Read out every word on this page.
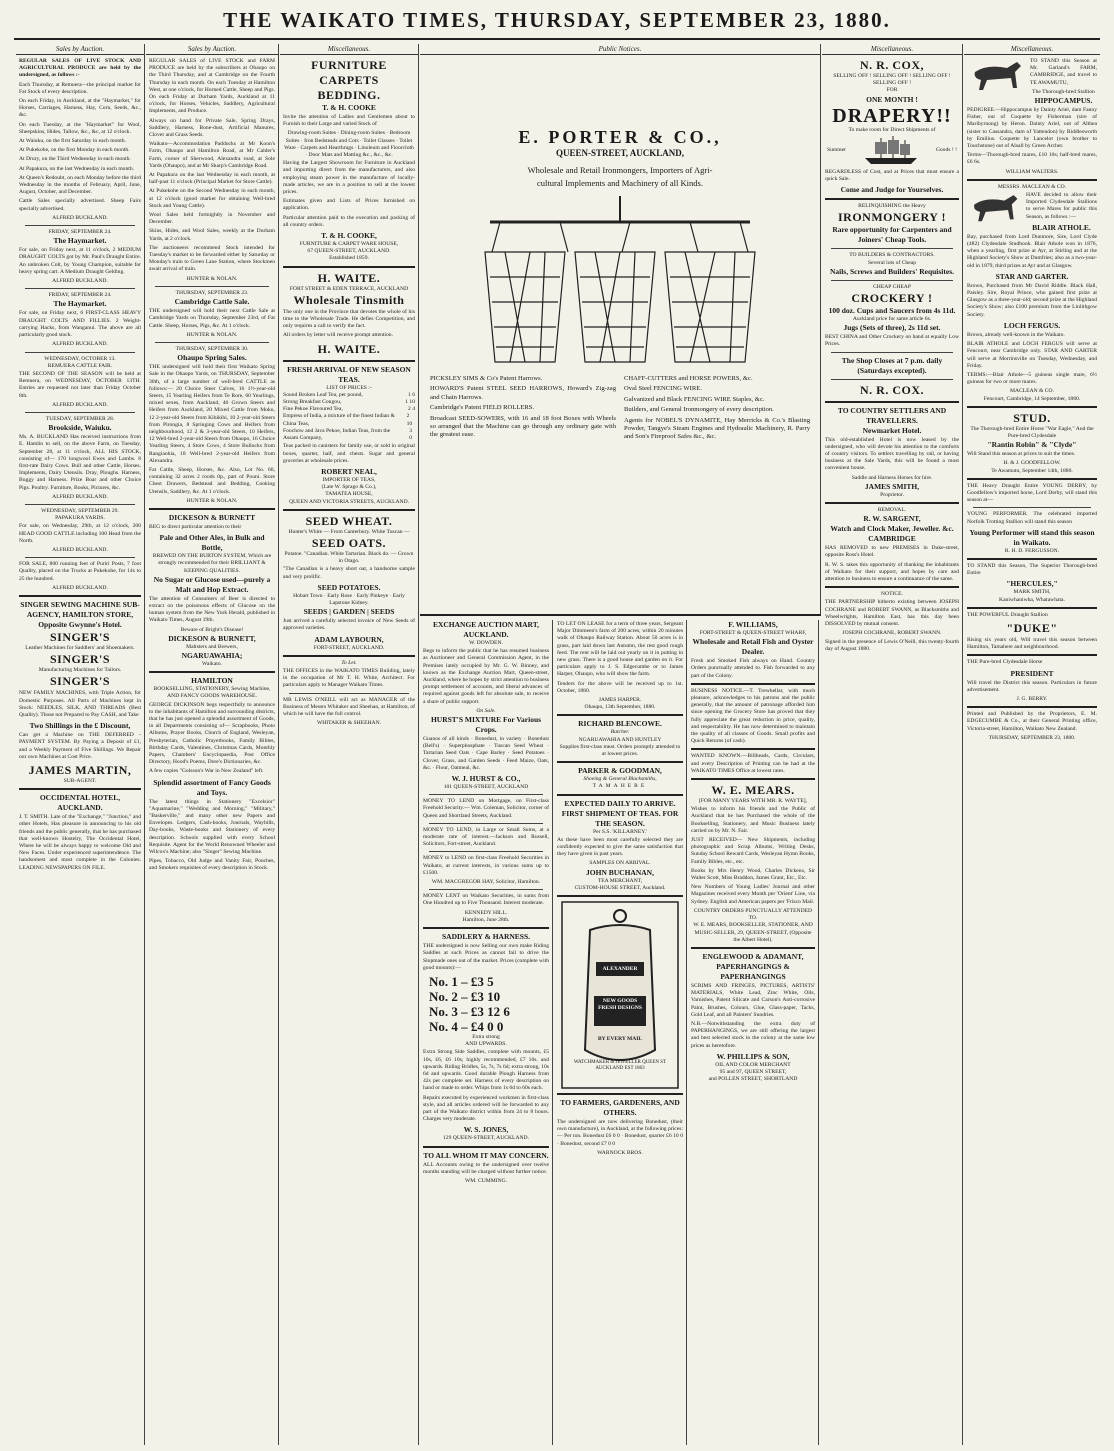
THE WAIKATO TIMES, THURSDAY, SEPTEMBER 23, 1880.
Sales by Auction.
REGULAR SALES OF LIVE STOCK AND AGRICULTURAL PRODUCE are held by the undersigned, as follows :-
Each Thursday, at Remuera—the principal market for Fat Stock of every description.
On each Friday, in Auckland, at the "Haymarket," for Horses, Carriages, Harness, Hay, Corn, Seeds, &c., &c.
On each Tuesday, at the "Haymarket" for Wool, Sheepskins, Hides, Tallow, &c., &c, at 12 o'clock.
At Waiuku, on the first Saturday in each month.
At Pukekohe, on the first Monday in each month.
At Drury, on the Third Wednesday in each month.
At Papakura, on the last Wednesday in each month.
At Queen's Redoubt, on each Monday before the third Wednesday in the months of February, April, June, August, October, and December.
Cattle Sales specially advertised. Sheep Fairs specially advertised.
ALFRED BUCKLAND.
FRIDAY, SEPTEMBER 24.
The Haymarket.
For sale, on Friday next, at 11 o'clock, 2 MEDIUM DRAUGHT COLTS got by Mr. Paul's Draught Entire. An unbroken Colt, by Young Champion, suitable for heavy spring cart. A Medium Draught Gelding.
ALFRED BUCKLAND.
FRIDAY, SEPTEMBER 24.
The Haymarket.
For sale, on Friday next, 6 FIRST-CLASS HEAVY DRAUGHT COLTS AND FILLIES. 2 Weight-carrying Hacks, from Wanganui. The above are all particularly good stock.
ALFRED BUCKLAND.
WEDNESDAY, OCTOBER 13.
REMUERA CATTLE FAIR.
THE SECOND OF THE SEASON will be held at Remuera, on WEDNESDAY, OCTOBER 13TH. Entries are requested not later than Friday October 8th.
ALFRED BUCKLAND.
TUESDAY, SEPTEMBER 28.
Brookside, Waiuku.
Ms. A. BUCKLAND Has received instructions from E. Hamlin to sell, on the above Farm, on Tuesday, September 28, at 11 o'clock, ALL HIS STOCK, consisting of— 170 longwool Ewes and Lambs. 8 first-rate Dairy Cows. Bull and other Cattle, Horses. Implements, Dairy Utensils. Dray, Ploughs. Harness, Buggy and Harness. Prize Boar and other Choice Pigs. Poultry. Furniture, Books, Pictures, &c.
ALFRED BUCKLAND.
WEDNESDAY, SEPTEMBER 29.
PAPAKURA YARDS.
For sale, on Wednesday, 29th, at 12 o'clock, 200 HEAD GOOD CATTLE including 100 Head from the North.
ALFRED BUCKLAND.
FOR SALE, 800 running feet of Puriri Posts, 7 foot Quality, placed on the Trucks at Pukekohe, for 14s to 25 the hundred.
ALFRED BUCKLAND.
SINGER SEWING MACHINE SUB-AGENCY, HAMILTON STORE, Opposite Gwynne's Hotel.
SINGER'S
Leather Machines for Saddlers' and Shoemakers.
SINGER'S
Manufacturing Machines for Tailors.
SINGER'S
NEW FAMILY MACHINES, with Triple Action, for Domestic Purposes. All Parts of Machines kept in Stock: NEEDLES, SILK, AND THREADS (Best Quality). Those not Prepared to Pay CASH, and Take
Two Shillings in the £ Discount,
Can get a Machine on THE DEFERRED - PAYMENT SYSTEM. By Paying a Deposit of £1, and a Weekly Payment of Five Shillings. We Repair our own Machines at Cost Price.
JAMES MARTIN,
SUB-AGENT.
OCCIDENTAL HOTEL, AUCKLAND.
J. T. SMITH. Late of the "Exchange," "Junction," and other Hotels, Has pleasure in announcing to his old friends and the public generally, that he has purchased that well-known Hostelry, The Occidental Hotel, Where he will be always happy to welcome Old and New Faces. Under experienced superintendence. The handsomest and most complete in the Colonies. LEADING NEWSPAPERS ON FILE.
Sales by Auction.
REGULAR SALES of LIVE STOCK and FARM PRODUCE are held by the subscribers at Ohaupo on the Third Thursday, and at Cambridge on the Fourth Thursday in each month. On each Tuesday at Hamilton West, at one o'clock, for Horned Cattle, Sheep and Pigs. On each Friday at Durham Yards, Auckland at 11 o'clock, for Horses, Vehicles, Saddlery, Agricultural Implements, and Produce.
Always on hand for Private Sale, Spring Drays, Saddlery, Harness, Bone-dust, Artificial Manures, Clover and Grass Seeds.
Waikato—Accommodation Paddocks at Mr Koon's Farm, Ohaupo and Hamilton Road, at Mr Calder's Farm, corner of Sherwood, Alexandra road, at Sole Yards (Ohaupo), and at Mr Sharp's Cambridge Road.
At Papakura on the last Wednesday in each month, at half-past 11 o'clock (Principal Market for Store Cattle).
At Pukekohe on the Second Wednesday in each month, at 12 o'clock (good market for obtaining Well-bred Stock and Young Cattle).
Wool Sales held fortnightly in November and December.
Skins, Hides, and Wool Sales, weekly at the Durham Yards, at 2 o'clock.
The auctioneers recommend Stock intended for Tuesday's market to be forwarded either by Saturday or Monday's train to Green Lane Station, where Stockmen await arrival of train.
HUNTER & NOLAN.
THURSDAY, SEPTEMBER 23.
Cambridge Cattle Sale.
THE undersigned will hold their next Cattle Sale at Cambridge Yards on Thursday, September 23rd, of Fat Cattle. Sheep, Horses, Pigs, &c. At 1 o'clock.
HUNTER & NOLAN.
THURSDAY, SEPTEMBER 30.
Ohaupo Spring Sales.
THE undersigned will hold their first Waikato Spring Sale in the Ohaupo Yards, on THURSDAY, September 30th, of a large number of well-bred CATTLE as follows:— 20 Choice Steer Calves, 16 1½-year-old Steers, 15 Yearling Heifers from Te Rore, 60 Yearlings, mixed sexes, from Auckland, 40 Grown Steers and Heifers from Auckland, 20 Mixed Cattle from Moku, 12 2-year-old Steers from Kihikihi, 10 2-year-old Steers from Pirongia, 8 Springing Cows and Heifers from neighbourhood, 12 2 & 3-year-old Steers, 10 Heifers, 12 Well-bred 2-year-old Steers from Ohaupo, 16 Choice Yearling Steers, 4 Store Cows, 4 Store Bullocks from Rangiaohia, 18 Well-bred 2-year-old Heifers from Alexandra.
Fat Cattle, Sheep, Horses, &c. Also, Lot No. 60, containing 32 acres 2 roods 0p., part of Pouni. Store Chest Drawers, Bedstead and Bedding, Cooking Utensils, Saddlery, &c. At 1 o'clock.
HUNTER & NOLAN.
DICKESON & BURNETT
BEG to direct particular attention to their
Pale and Other Ales, in Bulk and Bottle,
BREWED ON THE BURTON SYSTEM, Which are strongly recommended for their BRILLIANT & KEEPING QUALITIES.
No Sugar or Glucose used—purely a Malt and Hop Extract.
The attention of Consumers of Beer is directed to extract on the poisonous effects of Glucose on the human system from the New York Herald, published in Waikato Times, August 19th.
Beware of Bright's Disease!
DICKESON & BURNETT,
Maltsters and Brewers,
NGARUAWAHIA;
Waikato.
HAMILTON
BOOKSELLING, STATIONERY, Sewing Machine, AND FANCY GOODS WAREHOUSE.
GEORGE DICKINSON begs respectfully to announce to the inhabitants of Hamilton and surrounding districts, that he has just opened a splendid assortment of Goods, in all Departments consisting of— Scrapbooks, Photo Albums, Prayer Books, Church of England, Wesleyan, Presbyterian, Catholic Prayerbooks, Family Bibles, Birthday Cards, Valentines, Christmas Cards, Monthly Papers, Chambers' Encyclopaedia, Post Office Directory, Hood's Poems, Dore's Dictionaries, &c.
A few copies "Golsson's War in New Zealand" left.
Splendid assortment of Fancy Goods and Toys.
The latest things in Stationery "Excelsior" "Aquamarine," "Wedding and Morning," "Military," "Baskerville," and many other new Papers and Envelopes. Ledgers, Cash-books, Journals, Waybills, Day-books, Waste-books and Stationery of every description. Schools supplied with every School Requisite. Agent for the World Renowned Wheeler and Wilcox's Machine; also "Singer" Sewing Machine.
Pipes, Tobacco, Old Judge and Vanity Fair, Pouches, and Smokers requisites of every description in Stock.
Miscellaneous.
FURNITURE
CARPETS
BEDDING.
T. & H. COOKE
Invite the attention of Ladies and Gentlemen about to Furnish to their Large and varied Stock of
Drawing-room Suites · Dining-room Suites · Bedroom Suites · Iron Bedsteads and Cots · Toilet Glasses · Toilet Ware · Carpets and Hearthrugs · Linoleum and Floorcloth · Door Mats and Matting &c., &c., &c.
Having the Largest Showroom for Furniture in Auckland and importing direct from the manufacturers, and also employing steam power in the manufacture of locally-made articles, we are in a position to sell at the lowest prices.
Estimates given and Lists of Prices furnished on application.
Particular attention paid to the execution and packing of all country orders.
T. & H. COOKE,
FURNITURE & CARPET WARE HOUSE,
67 QUEEN-STREET, AUCKLAND.
Established 1859.
H. WAITE.
FORT STREET & EDEN TERRACE, AUCKLAND
Wholesale Tinsmith
The only one in the Province that devotes the whole of his time to the Wholesale Trade. He defies Competition, and only requires a call to verify the fact.
All orders by letter will receive prompt attention.
H. WAITE.
FRESH ARRIVAL OF NEW SEASON TEAS.
LIST OF PRICES :-
Sound Broken Leaf Tea, per pound,	1 6
Strong Breakfast Congou,	1 10
Fine Pekoe Flavoured Tea,	2 4
Empress of India, a mixture of the finest Indian & China Teas,
2 10
Foochow and Java Pekoe, Indian Teas, from the Assam Company,
3 0
Teas packed in canisters for family use, or sold in original boxes, quarter, half, and chests. Sugar and general groceries at wholesale prices.
ROBERT NEAL,
IMPORTER OF TEAS,
(Late W. Sprago & Co.),
TAMATEA HOUSE,
QUEEN AND VICTORIA STREETS, AUCKLAND.
SEED WHEAT.
Hunter's White — From Canterbury. White Tuscan —
SEED OATS.
Potatoe. "Canadian. White Tartarian. Black do. — Grown in Otago.
"The Canadian is a heavy short oat, a handsome sample and very prolific.
SEED POTATOES.
Hobart Town · Early Rose · Early Pinkeye · Early Lapstone Kidney.
SEEDS | GARDEN | SEEDS
Just arrived a carefully selected invoice of New Seeds of approved varieties.
ADAM LAYBOURN,
FORT-STREET, AUCKLAND.
To Let.
THE OFFICES in the WAIKATO TIMES Building, lately in the occupation of Mr T. H. White, Architect. For particulars apply to Manager Waikato Times.
MR LEWIS O'NEILL will act as MANAGER of the Business of Messrs Whitaker and Sheehan, at Hamilton, of which he will have the full control.
WHITAKER & SHEEHAN.
Public Notices.
E. PORTER & CO.,
QUEEN-STREET, AUCKLAND,
Wholesale and Retail Ironmongers, Importers of Agri-
cultural Implements and Machinery of all Kinds.
PICKSLEY SIMS & Co's Patent Harrows.
HOWARD'S Patent STEEL SEED HARROWS, Howard's Zig-zag and Chain Harrows.
Cambridge's Patent FIELD ROLLERS.
Broadcast SEED-SOWERS, with 16 and 18 foot Boxes with Wheels so arranged that the Machine can go through any ordinary gate with the greatest ease.
CHAFF-CUTTERS and HORSE POWERS, &c.
Oval Steel FENCING WIRE.
Galvanized and Black FENCING WIRE Staples, &c.
Builders, and General Ironmongery of every description.
Agents for NOBEL'S DYNAMITE, Hay Merricks & Co.'s Blasting Powder, Tangye's Steam Engines and Hydraulic Machinery, R. Parry and Son's Fireproof Safes &c., &c.
EXCHANGE AUCTION MART, AUCKLAND.
W. DOWDEN.
Begs to inform the public that he has resumed business as Auctioneer and General Commission Agent, in the Premises lately occupied by Mr. G. W. Binney, and known as the Exchange Auction Mart, Queen-street, Auckland, where he hopes by strict attention to business prompt settlement of accounts, and liberal advances of required against goods left for absolute sale, to receive a share of public support.
On Sale.
HURST'S MIXTURE For Various Crops.
Guanos of all kinds · Bonedust, in variety · Bonedust (Bell's) · Superphosphate · Tuscan Seed Wheat · Tartarian Seed Oats · Cape Barley · Seed Potatoes · Clover, Grass, and Garden Seeds · Feed Maize, Oats, &c. · Flour, Oatmeal, &c.
W. J. HURST & CO.,
101 QUEEN-STREET, AUCKLAND
MONEY TO LEND on Mortgage, on First-class Freehold Security.— Wm. Coleman, Solicitor, corner of Queen and Shortland Streets, Auckland.
MONEY TO LEND, in Large or Small Sums, at a moderate rate of interest.—Jackson and Russell, Solicitors, Fort-street, Auckland.
MONEY to LEND on first-class Freehold Securities in Waikato, at current interests, in various sums up to £1500.
WM. MACGREGOR HAY, Solicitor, Hamilton.
MONEY LENT on Waikato Securities, in sums from One Hundred up to Five Thousand. Interest moderate.
KENNEDY HILL.
Hamilton, June 28th.
SADDLERY & HARNESS.
THE undersigned is now Selling our own make Riding Saddles at such Prices as cannot fail to drive the Slopmade ones out of the market. Prices (complete with good mounts):—
No. 1 – £3 5
No. 2 – £3 10
No. 3 – £3 12 6
No. 4 – £4 0 0
Extra strong
AND UPWARDS.
Extra Strong Side Saddles, complete with mounts, £5 10s, £6, £6 10s; highly recommended, £7 10s. and upwards. Riding Bridles, 5s, 7s, 7s 6d; extra strong, 10s 6d and upwards. Good durable Plough Harness from 42s per complete set. Harness of every description on hand or made to order. Whips from 1s 6d to 60s each.
Repairs executed by experienced workmen in first-class style, and all articles ordered will be forwarded to any part of the Waikato district within from 24 to 8 hours. Charges very moderate.
W. S. JONES,
129 QUEEN-STREET, AUCKLAND.
TO ALL WHOM IT MAY CONCERN.
ALL Accounts owing to the undersigned over twelve months standing will be charged without further notice.
WM. CUMMING.
TO LET ON LEASE for a term of three years, Sergeant Major Dimmeen's farm of 200 acres, within 20 minutes walk of Ohaupo Railway Station. About 50 acres is in grass, part laid down last Autumn, the rest good rough feed. The rent will be laid out yearly on it in putting in new grass. There is a good house and garden on it. For particulars apply to J. S. Edgecumbe or to James Harper, Ohaupo, who will show the farm.
Tenders for the above will be received up to 1st. October, 1880.
JAMES HARPER.
Ohaupo, 13th September, 1880.
RICHARD BLENCOWE.
Butcher.
NGARUAWAHIA AND HUNTLEY
Supplies first-class meat. Orders promptly attended to at lowest prices.
PARKER & GOODMAN,
Shoeing & General Blacksmiths,
TAMAHERE
EXPECTED DAILY TO ARRIVE.
FIRST SHIPMENT OF TEAS. FOR THE SEASON.
Per S.S. 'KILLARNEY.'
As these have been most carefully selected they are confidently expected to give the same satisfaction that they have given in past years.
SAMPLES ON ARRIVAL.
JOHN BUCHANAN,
TEA MERCHANT,
CUSTOM-HOUSE STREET, Auckland.
ALEXANDER
NEW GOODS FRESH DESIGNS
BY EVERY MAIL
WATCHMAKER & JEWELLER QUEEN ST AUCKLAND EST 1863
TO FARMERS, GARDENERS, AND OTHERS.
The undersigned are now delivering Bonedust, (their own manufacture), in Auckland, at the following prices:— Per ton. Bonedust £6 0 0 · Bonedust, quarter £6 10 0 · Bonedust, second £7 0 0
WARNOCK BROS.
F. WILLIAMS,
FORT-STREET & QUEEN-STREET WHARF,
Wholesale and Retail Fish and Oyster Dealer.
Fresh and Smoked Fish always on Hand. Country Orders punctually attended to. Fish forwarded to any part of the Colony.
BUSINESS NOTICE.—T. Trewhellar, with much pleasure, acknowledges to his patrons and the public generally, that the amount of patronage afforded him since opening the Grocery Store has proved that they fully appreciate the great reduction in price, quality, and respectability. He has now determined to maintain the quality of all classes of Goods. Small profits and Quick Returns (of cash).
WANTED KNOWN.—Billheads, Cards, Circulars, and every Description of Printing can be had at the WAIKATO TIMES Office at lowest rates.
W. E. MEARS.
[FOR MANY YEARS WITH MR. R. WAYTE],
Wishes to inform his friends and the Public of Auckland that he has Purchased the whole of the Bookselling, Stationery, and Music Business lately carried on by Mr. N. Fair.
JUST RECEIVED— New Shipments, including photographic and Scrap Albums, Writing Desks, Sunday School Reward Cards, Wesleyan Hymn Books, Family Bibles, etc., etc.
Books by Mrs Henry Wood, Charles Dickens, Sir Walter Scott, Miss Braddon, James Grant, Etc., Etc.
New Numbers of Young Ladies' Journal and other Magazines received every Month per 'Orient' Line, via Sydney. English and American papers per 'Frisco Mail.
COUNTRY ORDERS PUNCTUALLY ATTENDED TO.
W. E. MEARS, BOOKSELLER, STATIONER, AND MUSIC-SELLER, 29, QUEEN-STREET, (Opposite the Albert Hotel).
ENGLEWOOD & ADAMANT, PAPERHANGINGS & PAPERHANGINGS
SCRIMS AND FRINGES, PICTURES, ARTISTS' MATERIALS, White Lead, Zinc White, Oils, Varnishes, Patent Silicate and Carson's Anti-corrosive Paint, Brushes, Colours, Glue, Glass-paper, Tacks, Gold Leaf, and all Painters' Sundries.
N.B.—Notwithstanding the extra duty of PAPERHANGINGS, we are still offering the largest and best selected stock in the colony at the same low prices as heretofore.
W. PHILLIPS & SON,
OIL AND COLOR MERCHANT
95 and 97, QUEEN STREET,
and POLLEN STREET, SHORTLAND
Miscellaneous.
N. R. COX,
SELLING OFF ! SELLING OFF ! SELLING OFF ! SELLING OFF !
FOR
ONE MONTH !
DRAPERY!!
To make room for Direct Shipments of
Summer	Goods ! !
REGARDLESS of Cost, and at Prices that must ensure a quick Sale.
Come and Judge for Yourselves.
RELINQUISHING the Heavy
IRONMONGERY !
Rare opportunity for Carpenters and Joiners' Cheap Tools.
TO BUILDERS & CONTRACTORS.
Several lots of Cheap
Nails, Screws and Builders' Requisites.
CHEAP CHEAP
CROCKERY !
100 doz. Cups and Saucers from 4s 11d.
Auckland price for same article 6s.
Jugs (Sets of three), 2s 11d set.
BEST CHINA and Other Crockery on hand at equally Low Prices.
The Shop Closes at 7 p.m. daily (Saturdays excepted).
N. R. COX.
TO COUNTRY SETTLERS AND TRAVELLERS.
Newmarket Hotel.
This old-established Hotel is now leased by the undersigned, who will devote his attention to the comforts of country visitors. To settlers travelling by rail, or having business at the Sale Yards, this will be found a most convenient house.
Saddle and Harness Horses for hire.
JAMES SMITH,
Proprietor.
REMOVAL.
R. W. SARGENT,
Watch and Clock Maker, Jeweller. &c. CAMBRIDGE
HAS REMOVED to new PREMISES in Duke-street, opposite Ross's Hotel.
R. W. S. takes this opportunity of thanking the inhabitants of Waikato for their support, and hopes by care and attention to business to ensure a continuance of the same.
NOTICE.
THE PARTNERSHIP hitherto existing between JOSEPH COCHRANE and ROBERT SWANN, as Blacksmiths and Wheelwrights, Hamilton East, has this day been DISSOLVED by mutual consent.
JOSEPH COCHRANE, ROBERT SWANN.
Signed in the presence of Lewis O'Neill, this twenty-fourth day of August 1880.
Miscellaneous.
TO STAND this Season at Mr. Garland's FARM, CAMBRIDGE, and travel to TE AWAMUTU,
The Thorough-bred Stallion
HIPPOCAMPUS.
PEDIGREE.—Hippocampus by Dainty Ariel, dam Fanny Fisher, out of Coquette by Fisherman (sire of Maribyrnong) by Heron. Dainty Ariel, out of Althea (sister to Cassandra, dam of Yattendon) by Riddlesworth by Emilius. Coquette by Lancelot (own brother to Touchstone) out of Alsall by Green Archer.
Terms—Thorough-bred mares, £10 10s; half-bred mares, £6 6s.
WILLIAM WALTERS.
MESSRS. MACLEAN & CO.
HAVE decided to allow their Imported Clydesdale Stallions to serve Mares for public this Season, as follows :—
BLAIR ATHOLE.
Bay, purchased from Lord Dunmore, Sire, Lord Clyde (482) Clydesdale Studbook. Blair Athole won in 1876, when a yearling, first prize at Ayr, at Stirling and at the Highland Society's Show at Dumfries; also as a two-year-old in 1879, third prizes at Ayr and at Glasgow.
STAR AND GARTER.
Brown, Purchased from Mr David Riddle. Black Hall, Paisley. Sire, Royal Prince, who gained first prize at Glasgow as a three-year-old; second prize at the Highland Society's Show; also £100 premium from the Linlithgow Society.
LOCH FERGUS.
Brown, already well-known in the Waikato.
BLAIR ATHOLE and LOCH FERGUS will serve at Fencourt, near Cambridge only. STAR AND GARTER will serve at Morrinsville on Tuesday, Wednesday, and Friday.
TERMS:—Blair Athole—5 guineas single mare, 6½ guineas for two or more mares.
MACLEAN & CO.
Fencourt, Cambridge, 14 September, 1880.
STUD.
The Thorough-bred Entire Horse "War Eagle," And the Pure-bred Clydesdale
"Rantin Robin" & "Clyde"
Will Stand this season at prices to suit the times.
H. & J. GOODFELLOW.
Te Awamutu, September 14th, 1880.
THE Heavy Draught Entire YOUNG DERBY, by Goodfellow's imported horse, Lord Derby, will stand this season at—
YOUNG PERFORMER. The celebrated imported Norfolk Trotting Stallion will stand this season
Young Performer will stand this season in Waikato.
R. H. D. FERGUSSON.
TO STAND this Season, The Superior Thorough-bred Entire
"HERCULES,"
MARK SMITH,
Kaniwhaniwha, Whatawhata.
THE POWERFUL Draught Stallion
"DUKE"
Rising six years old, Will travel this season between Hamilton, Tamahere and neighbourhood.
THE Pure-bred Clydesdale Horse
PRESIDENT
Will travel the District this season. Particulars in future advertisement.
J. G. BERRY.
Printed and Published by the Proprietors, E. M. EDGECUMBE & Co., at their General Printing office, Victoria-street, Hamilton, Waikato New Zealand.
THURSDAY, SEPTEMBER 23, 1880.
